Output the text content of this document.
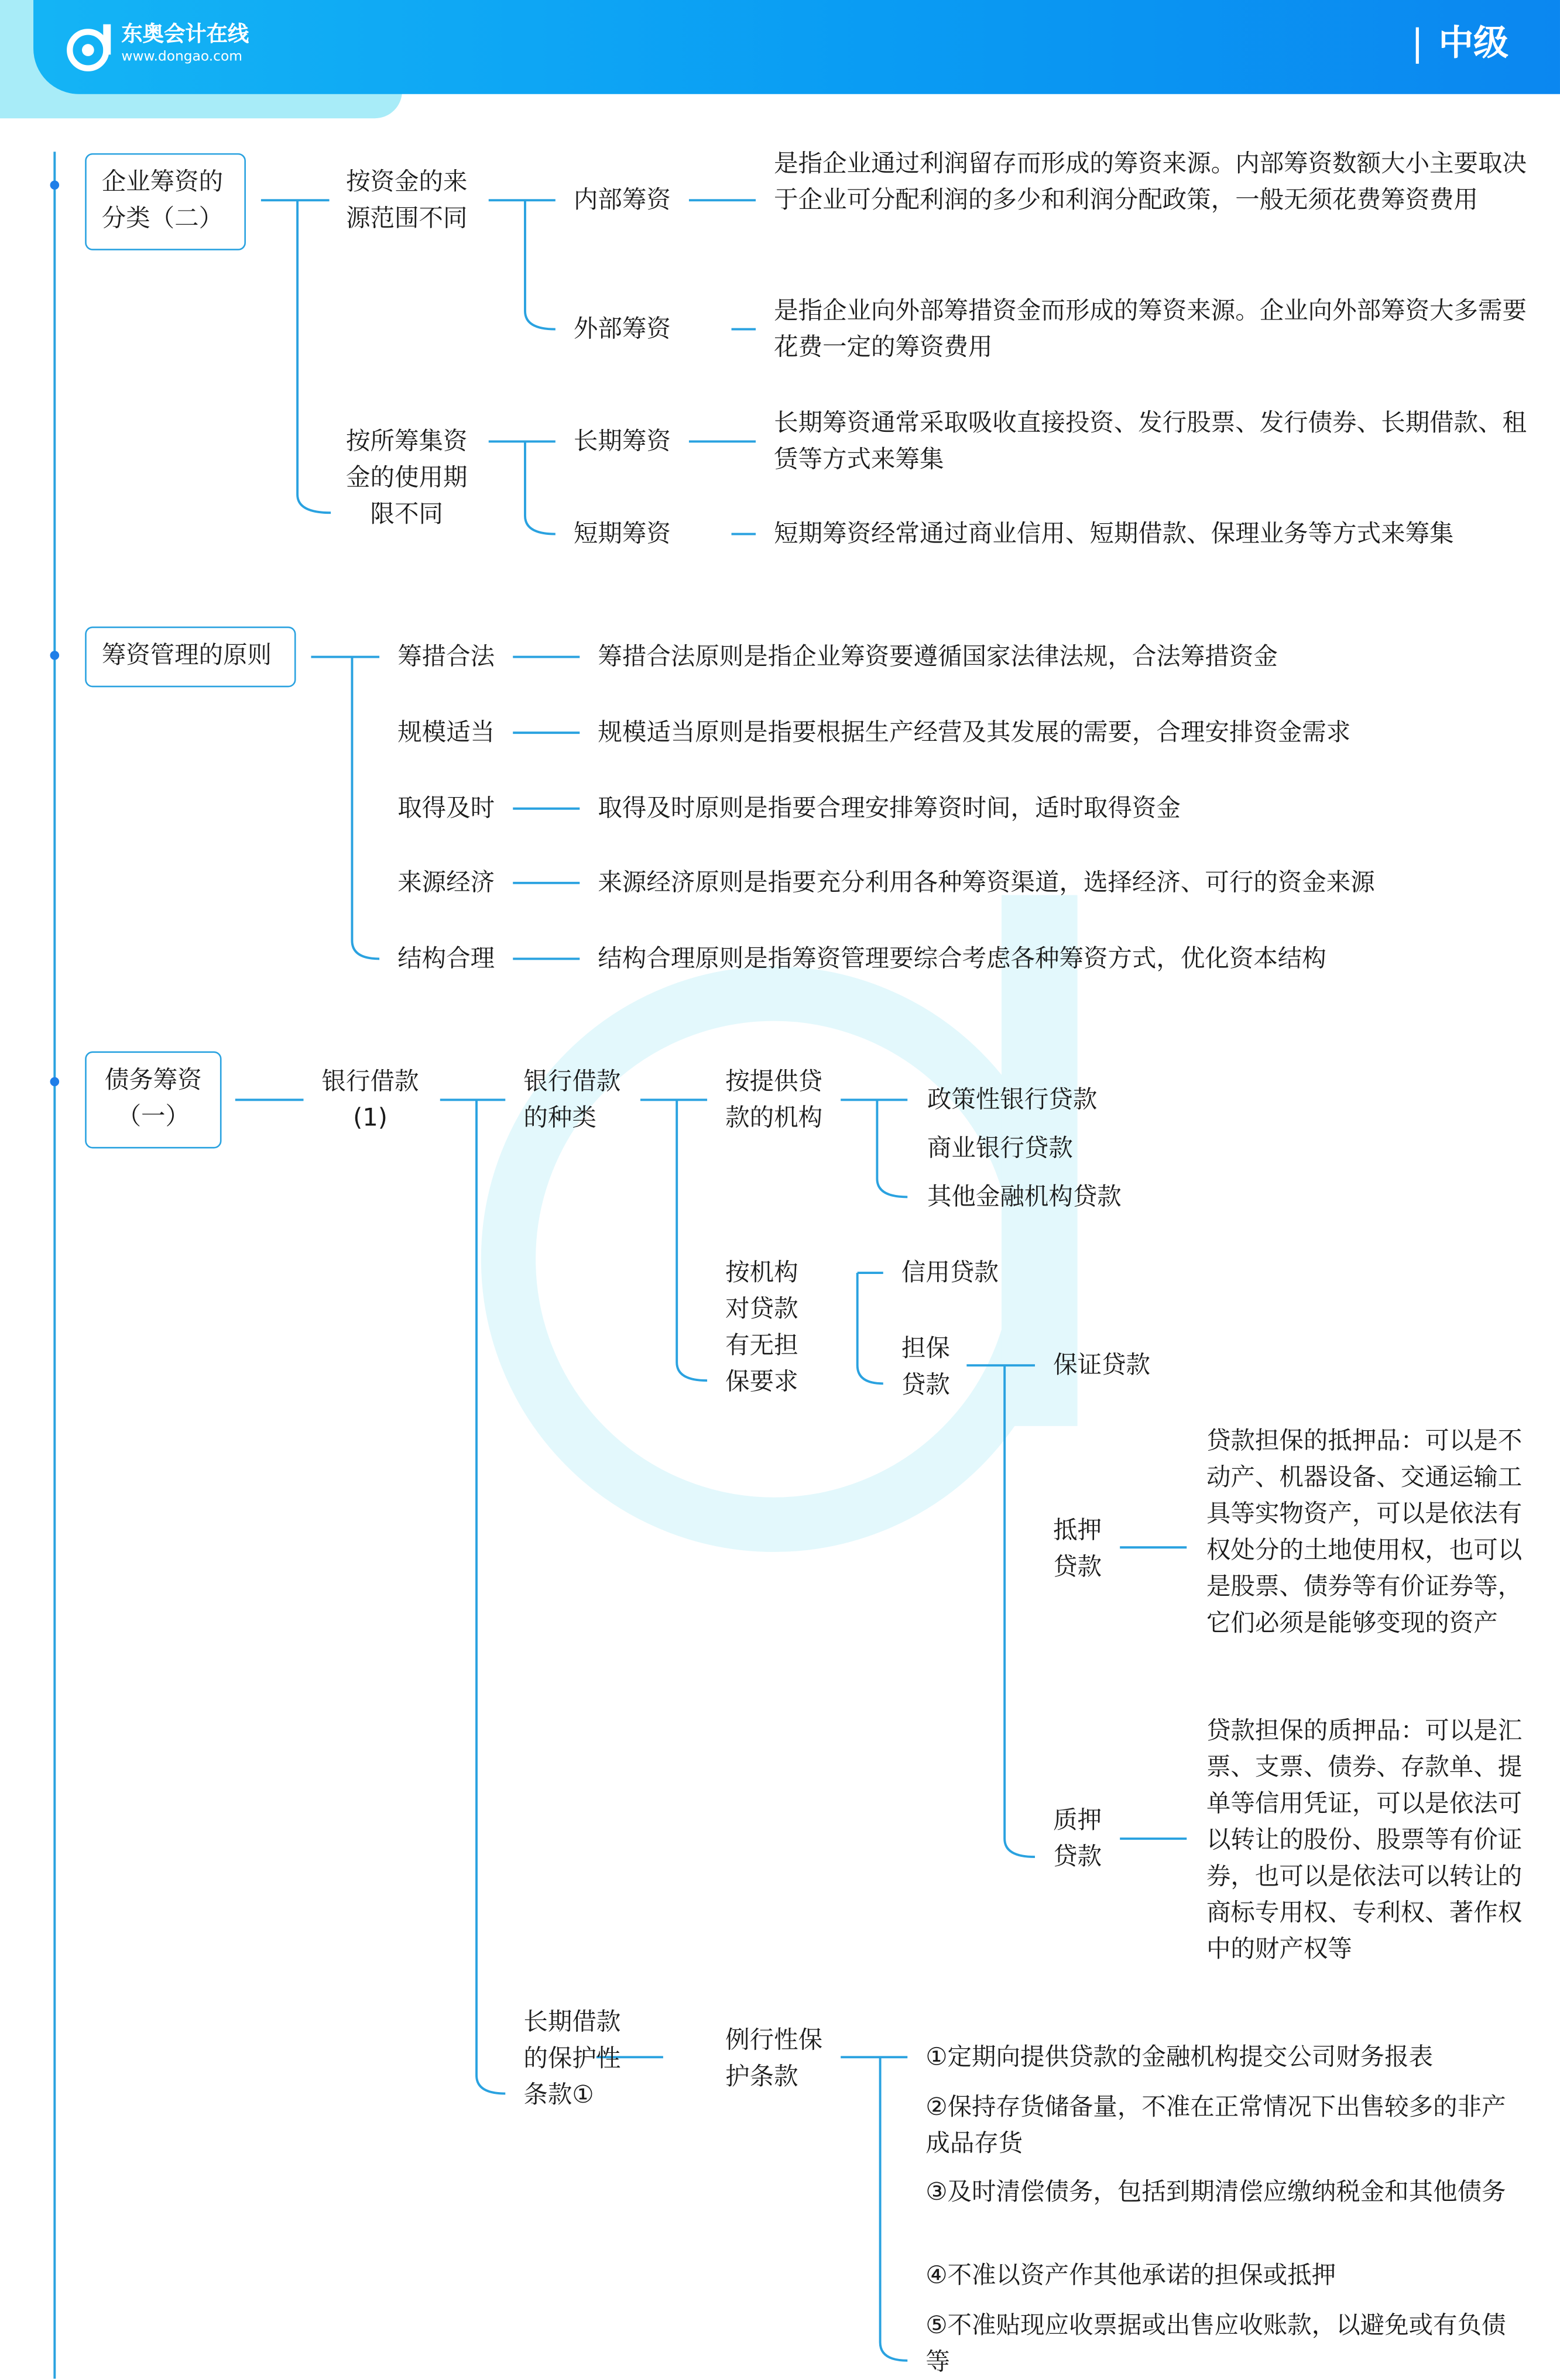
东奥会计在线
www.dongao.com	中级
企业筹资的分类（二）
按资金的来源范围不同
内部筹资
是指企业通过利润留存而形成的筹资来源。内部筹资数额大小主要取决于企业可分配利润的多少和利润分配政策，一般无须花费筹资费用
外部筹资
是指企业向外部筹措资金而形成的筹资来源。企业向外部筹资大多需要花费一定的筹资费用
按所筹集资金的使用期限不同
长期筹资
长期筹资通常采取吸收直接投资、发行股票、发行债券、长期借款、租赁等方式来筹集
短期筹资	短期筹资经常通过商业信用、短期借款、保理业务等方式来筹集
筹资管理的原则	筹措合法	筹措合法原则是指企业筹资要遵循国家法律法规，合法筹措资金
规模适当	规模适当原则是指要根据生产经营及其发展的需要，合理安排资金需求
取得及时	取得及时原则是指要合理安排筹资时间，适时取得资金
来源经济	来源经济原则是指要充分利用各种筹资渠道，选择经济、可行的资金来源
结构合理	结构合理原则是指筹资管理要综合考虑各种筹资方式，优化资本结构
债务筹资（一）
银行借款(1)
银行借款的种类
按提供贷款的机构
政策性银行贷款
商业银行贷款
其他金融机构贷款
按机构对贷款有无担保要求
信用贷款
担保贷款
保证贷款
抵押贷款
贷款担保的抵押品：可以是不动产、机器设备、交通运输工具等实物资产，可以是依法有权处分的土地使用权，也可以是股票、债券等有价证券等，它们必须是能够变现的资产
质押贷款
贷款担保的质押品：可以是汇票、支票、债券、存款单、提单等信用凭证，可以是依法可以转让的股份、股票等有价证券，也可以是依法可以转让的商标专用权、专利权、著作权中的财产权等
长期借款的保护性条款①
例行性保护条款
①定期向提供贷款的金融机构提交公司财务报表
②保持存货储备量，不准在正常情况下出售较多的非产成品存货
③及时清偿债务，包括到期清偿应缴纳税金和其他债务
④不准以资产作其他承诺的担保或抵押
⑤不准贴现应收票据或出售应收账款，以避免或有负债等
